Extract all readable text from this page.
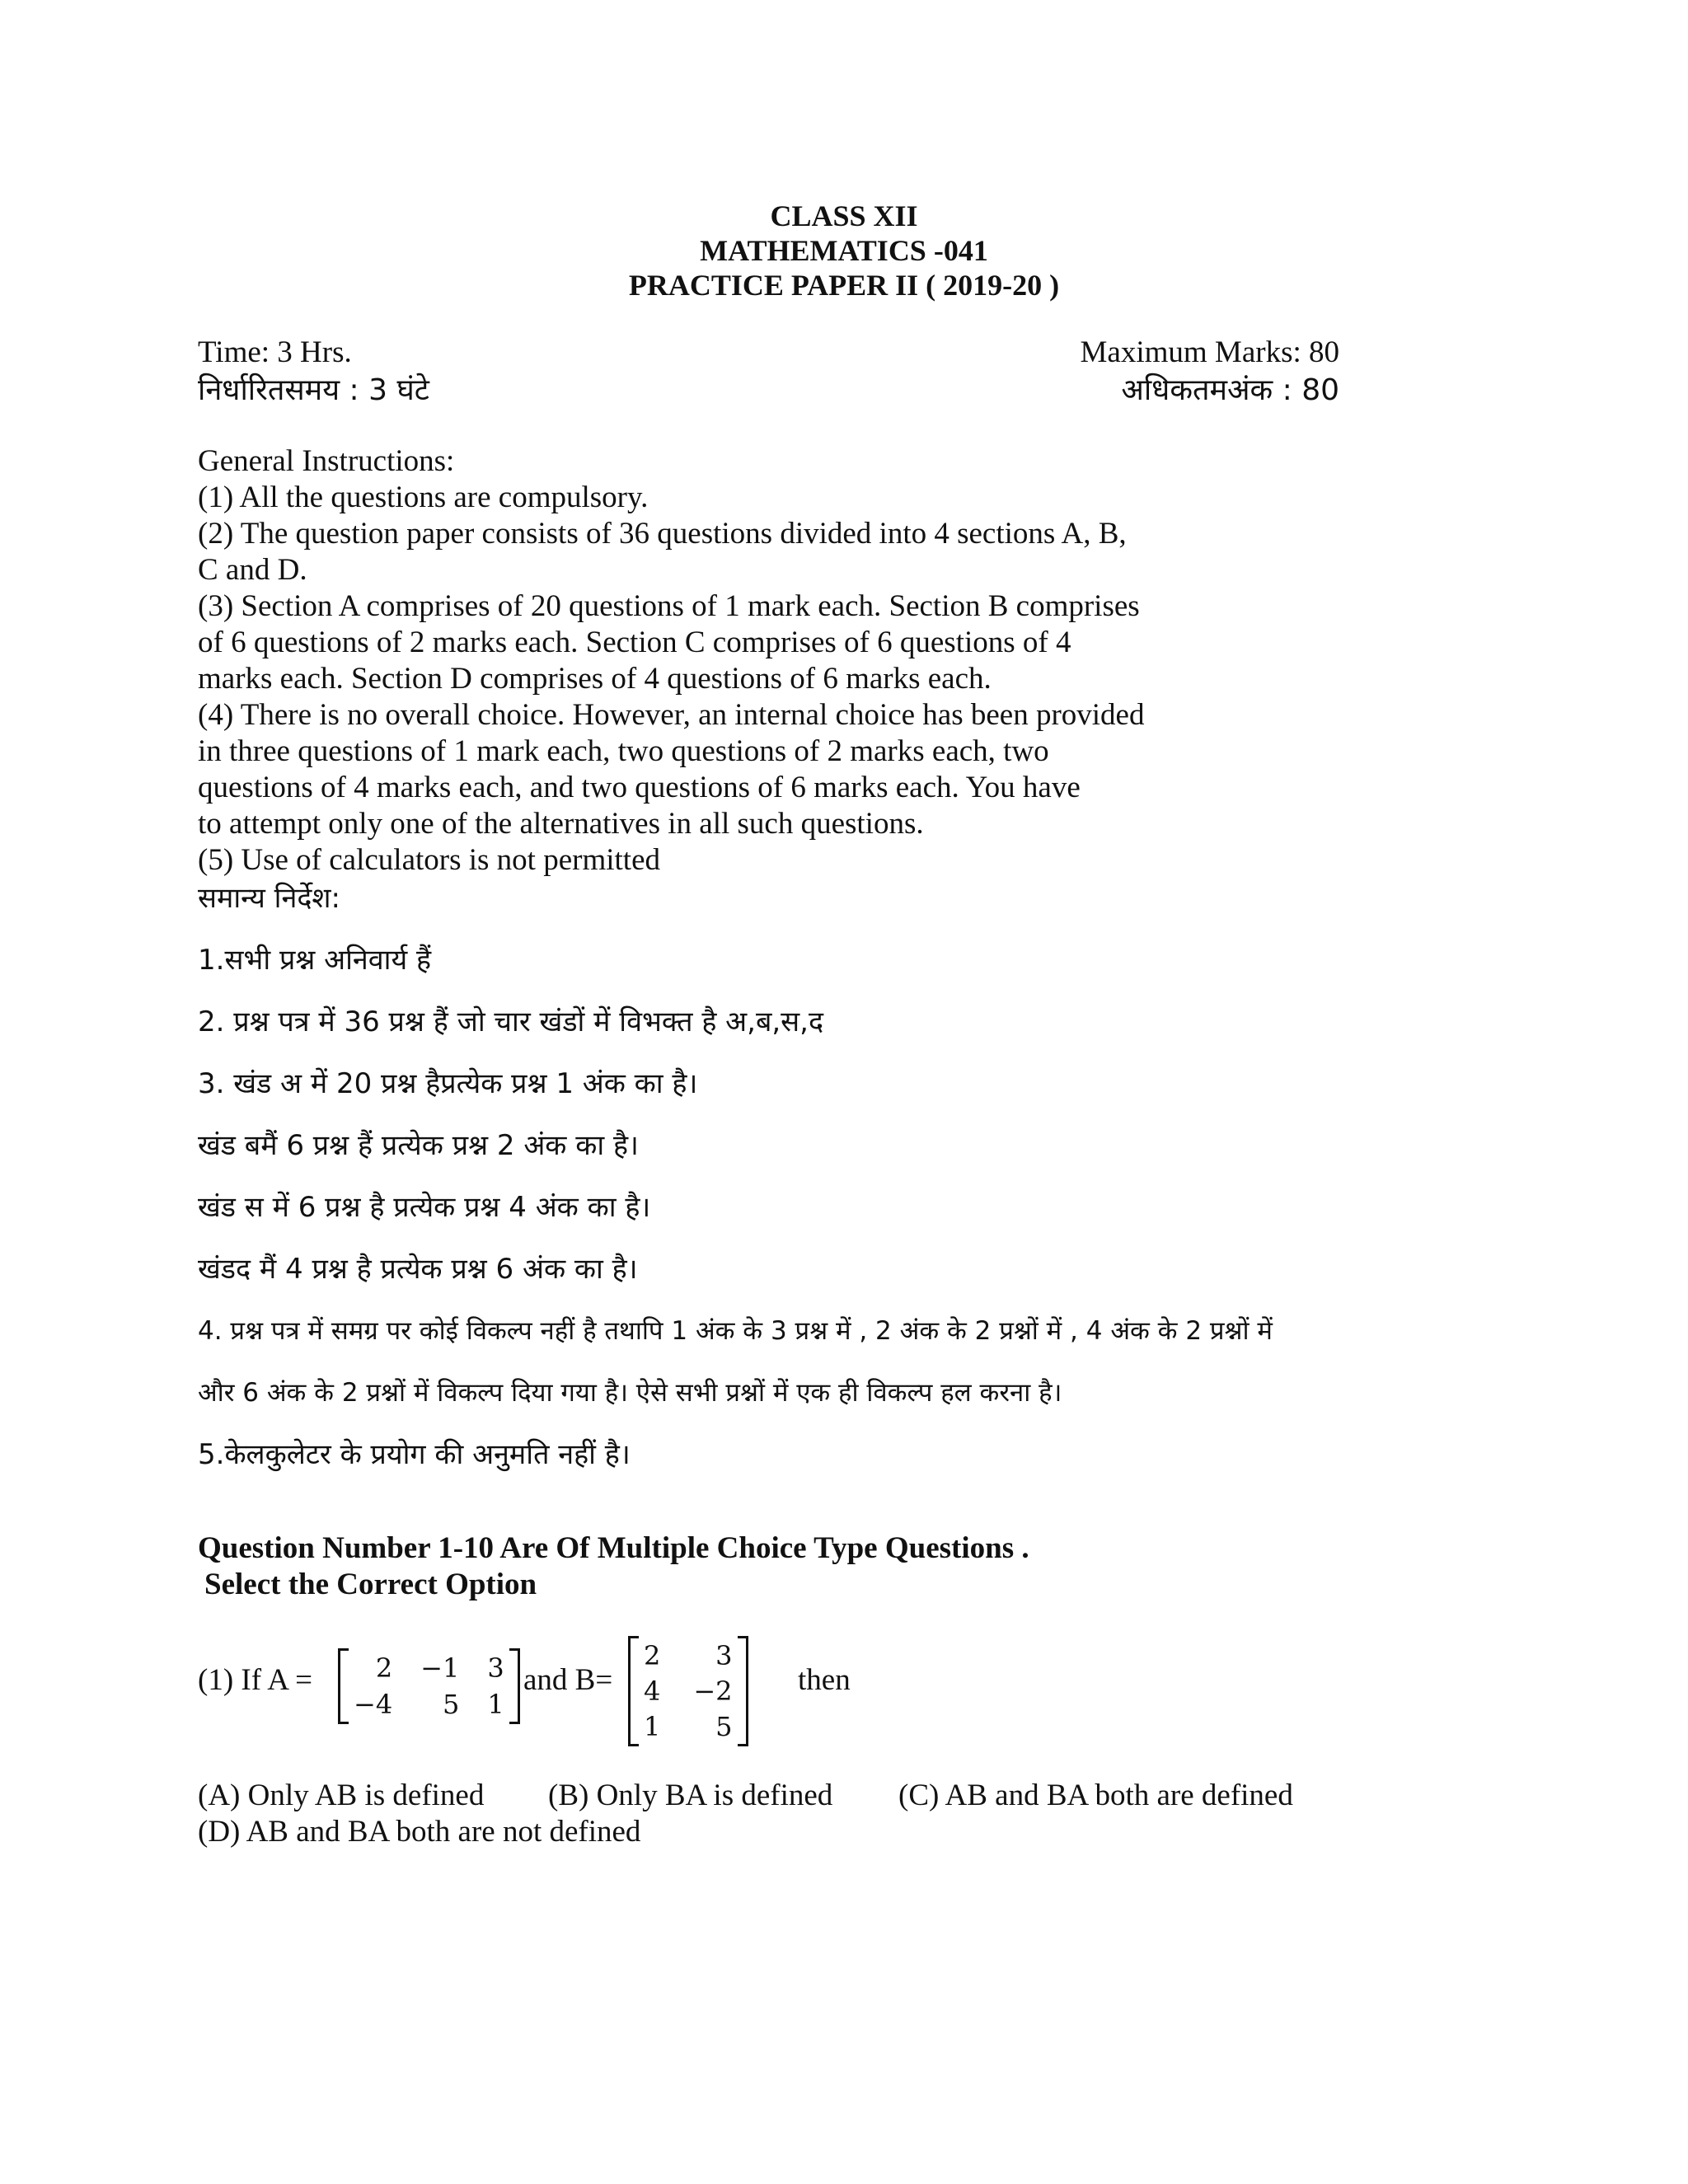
CLASS XII
MATHEMATICS -041
PRACTICE PAPER II ( 2019-20 )
Time: 3 Hrs.	Maximum Marks: 80
निर्धारितसमय : 3 घंटे	अधिकतमअंक : 80
General Instructions:
(1) All the questions are compulsory.
(2) The question paper consists of 36 questions divided into 4 sections A, B,
C and D.
(3) Section A comprises of 20 questions of 1 mark each. Section B comprises
of 6 questions of 2 marks each. Section C comprises of 6 questions of 4
marks each. Section D comprises of 4 questions of 6 marks each.
(4) There is no overall choice. However, an internal choice has been provided
in three questions of 1 mark each, two questions of 2 marks each, two
questions of 4 marks each, and two questions of 6 marks each. You have
to attempt only one of the alternatives in all such questions.
(5) Use of calculators is not permitted
समान्य निर्देश:
1.सभी प्रश्न अनिवार्य हैं
2. प्रश्न पत्र में 36 प्रश्न हैं जो चार खंडों में विभक्त है अ,ब,स,द
3. खंड अ में 20 प्रश्न हैप्रत्येक प्रश्न 1 अंक का है।
खंड बमैं 6 प्रश्न हैं प्रत्येक प्रश्न 2 अंक का है।
खंड स में 6 प्रश्न है प्रत्येक प्रश्न 4 अंक का है।
खंडद मैं 4 प्रश्न है प्रत्येक प्रश्न 6 अंक का है।
4. प्रश्न पत्र में समग्र पर कोई विकल्प नहीं है तथापि 1 अंक के 3 प्रश्न में , 2 अंक के 2 प्रश्नों में , 4 अंक के 2 प्रश्नों में
और 6 अंक के 2 प्रश्नों में विकल्प दिया गया है। ऐसे सभी प्रश्नों में एक ही विकल्प हल करना है।
5.केलकुलेटर के प्रयोग की अनुमति नहीं है।
Question Number 1-10 Are Of Multiple Choice Type Questions .
Select the Correct Option
(1) If A =	2 −1 3
−4	5 1
and B=
2	3
4 −2
1	5
then
(A) Only AB is defined (B) Only BA is defined (C) AB and BA both are defined
(D) AB and BA both are not defined
